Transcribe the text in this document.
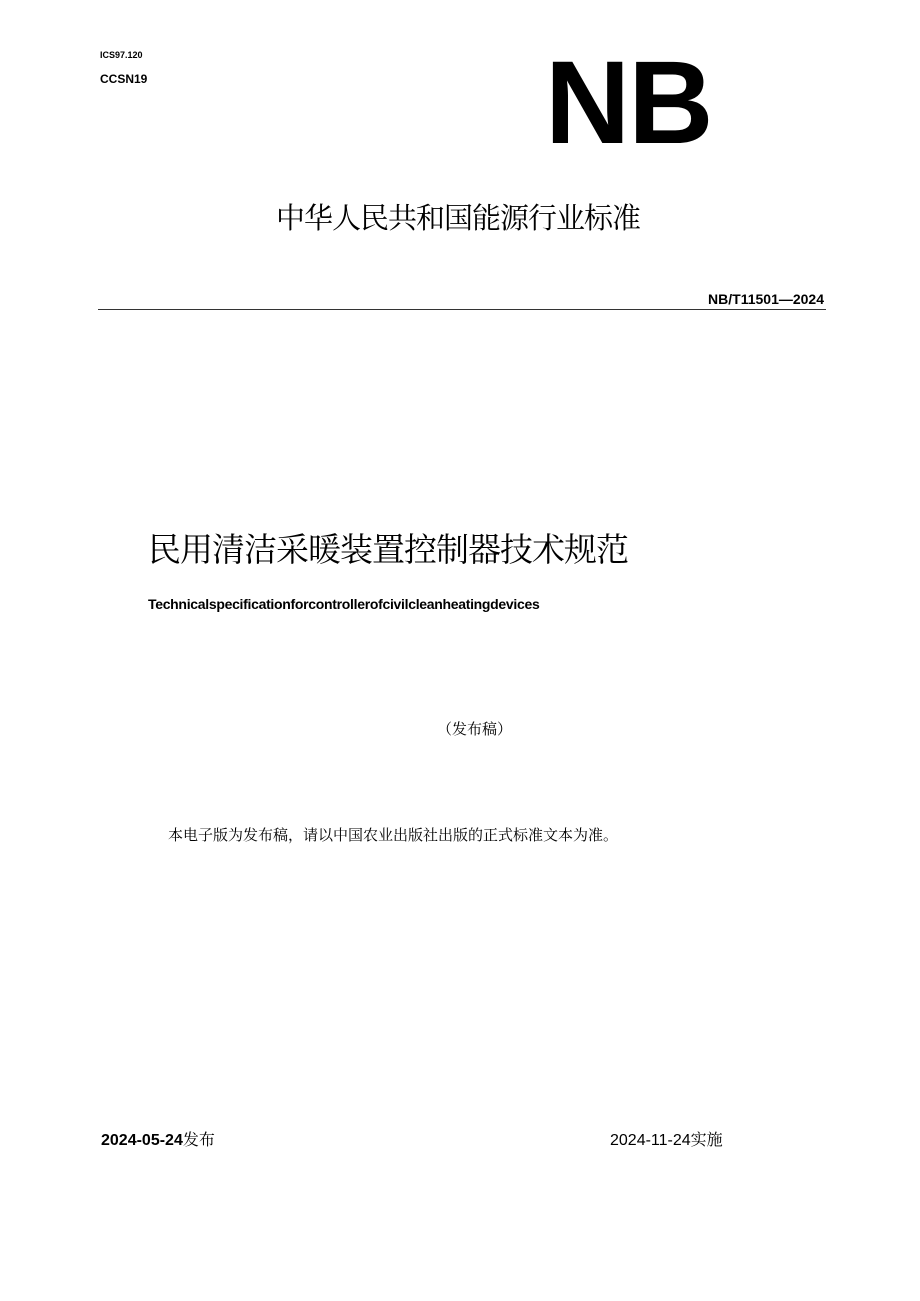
ICS97.120
CCSN19	NB
中华人民共和国能源行业标准
NB/T11501—2024
民用清洁采暖装置控制器技术规范
Technicalspecificationforcontrollerofcivilcleanheatingdevices
（发布稿）
本电子版为发布稿，请以中国农业出版社出版的正式标准文本为准。
2024-05-24发布	2024-11-24实施
